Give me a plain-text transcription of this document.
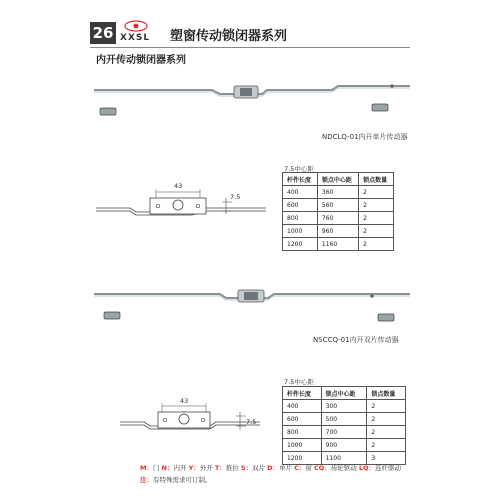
26 XXSL 塑窗传动锁闭器系列
内开传动锁闭器系列
NDCLQ-01内开单片传动器
43
7.5
7.5中心距
杆件长度	锁点中心距	锁点数量
400	360	2
600	560	2
800	760	2
1000	960	2
1200	1160	2
NSCCQ-01内开双片传动器
43
7.5
7.5中心距
杆件长度	锁点中心距	锁点数量
400	300	2
600	500	2
800	700	2
1000	900	2
1200	1100	3
M：门 N：内开 Y：外开 T：推拉 S：双片 D：单片 C：窗 CQ：齿轮驱动 LQ：连杆驱动
注：有特殊需求可订制。
